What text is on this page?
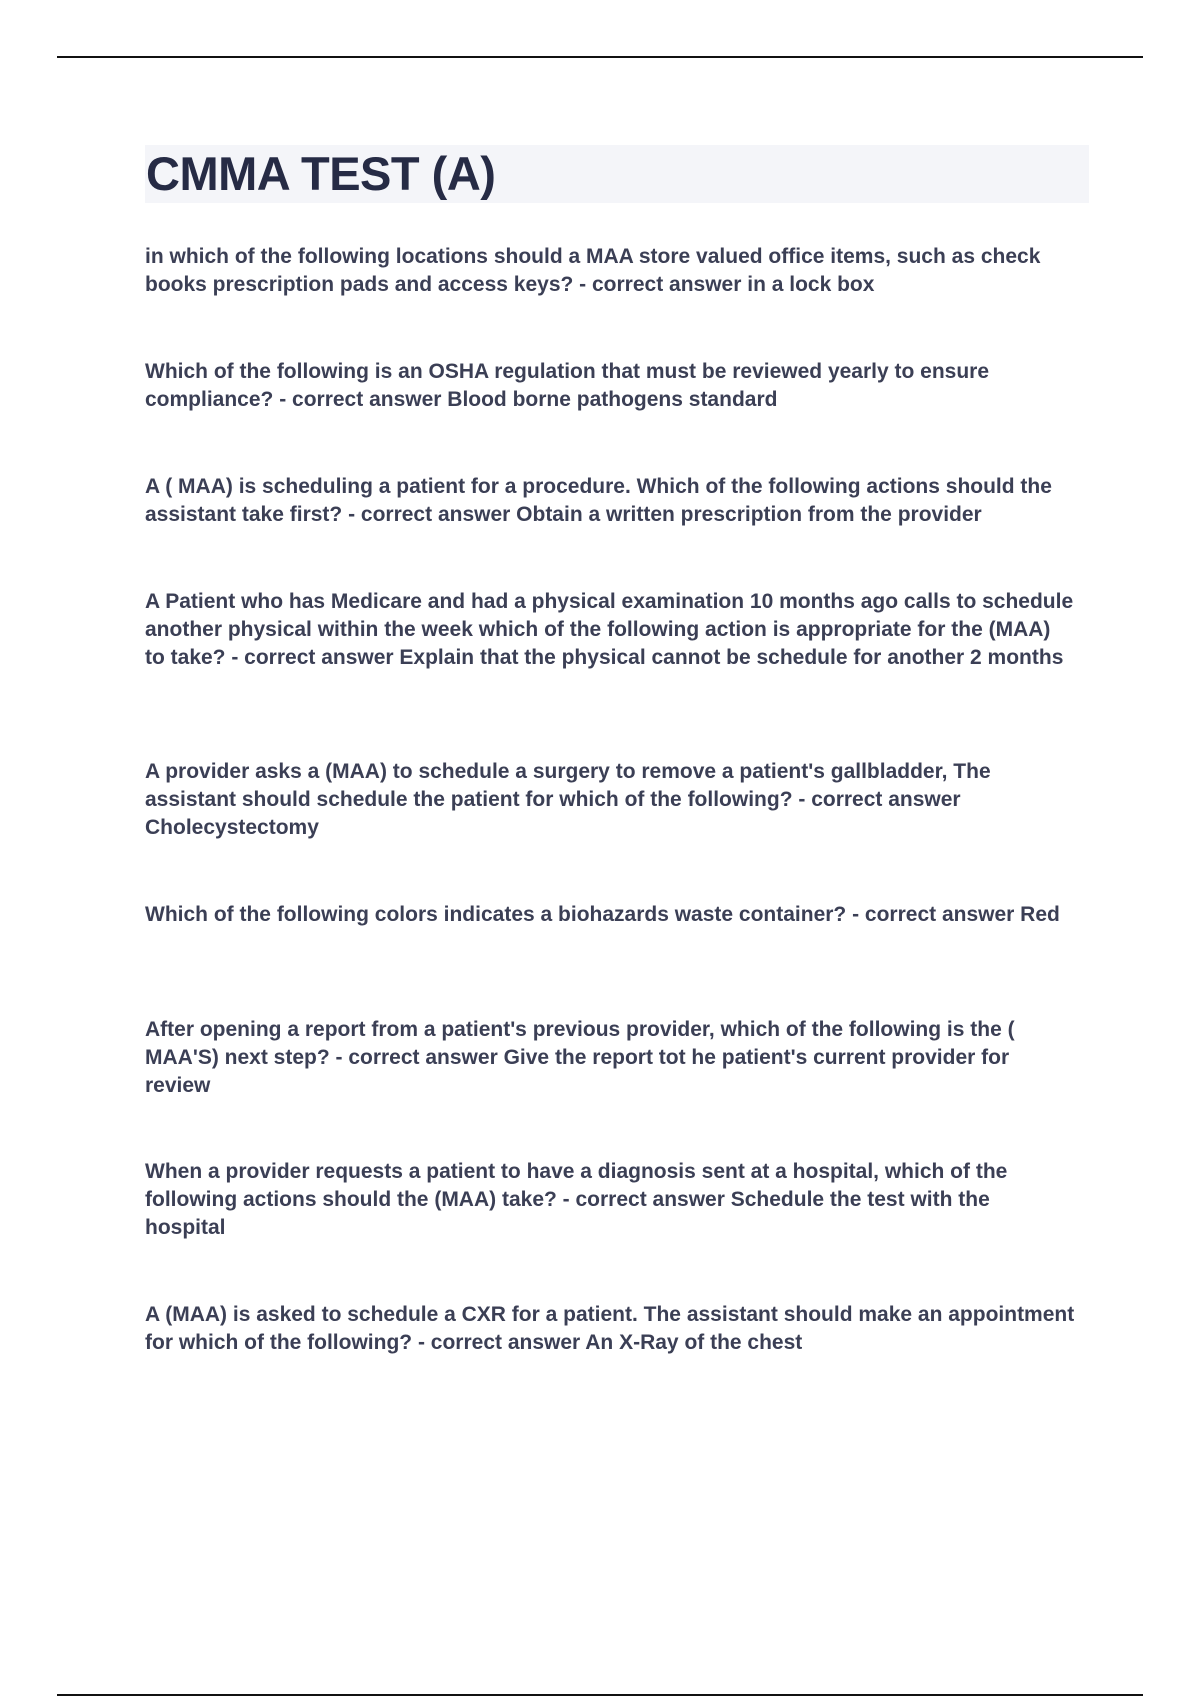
CMMA TEST (A)

in which of the following locations should a MAA store valued office items, such as check books prescription pads and access keys? - correct answer in a lock box

Which of the following is an OSHA regulation that must be reviewed yearly to ensure compliance? - correct answer Blood borne pathogens standard

A ( MAA) is scheduling a patient for a procedure. Which of the following actions should the assistant take first? - correct answer Obtain a written prescription from the provider

A Patient who has Medicare and had a physical examination 10 months ago calls to schedule another physical within the week which of the following action is appropriate for the (MAA) to take? - correct answer Explain that the physical cannot be schedule for another 2 months

A provider asks a (MAA) to schedule a surgery to remove a patient's gallbladder, The assistant should schedule the patient for which of the following? - correct answer Cholecystectomy

Which of the following colors indicates a biohazards waste container? - correct answer Red

After opening a report from a patient's previous provider, which of the following is the ( MAA'S) next step? - correct answer Give the report tot he patient's current provider for review

When a provider requests a patient to have a diagnosis sent at a hospital, which of the following actions should the (MAA) take? - correct answer Schedule the test with the hospital

A (MAA) is asked to schedule a CXR for a patient. The assistant should make an appointment for which of the following? - correct answer An X-Ray of the chest
